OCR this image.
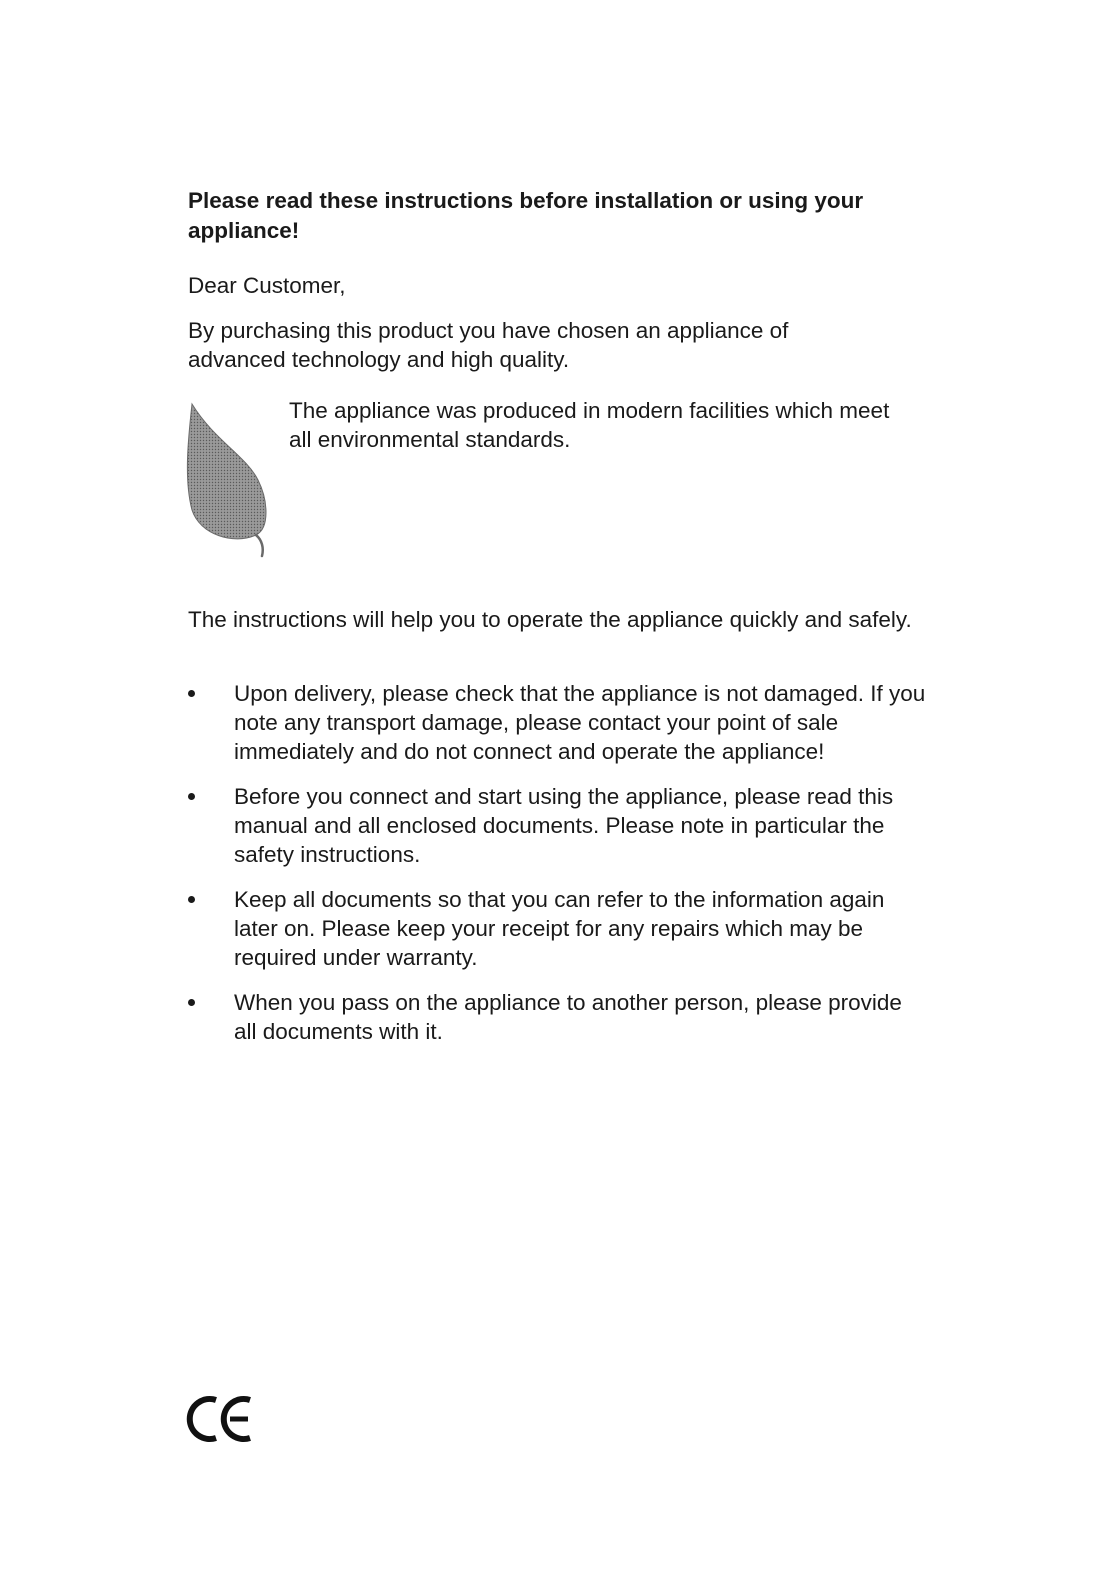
Please read these instructions before installation or using your appliance!

Dear Customer,

By purchasing this product you have chosen an appliance of advanced technology and high quality.

The appliance was produced in modern facilities which meet all environmental standards.

The instructions will help you to operate the appliance quickly and safely.

Upon delivery, please check that the appliance is not damaged. If you note any transport damage, please contact your point of sale immediately and do not connect and operate the appliance!
Before you connect and start using the appliance, please read this manual and all enclosed documents. Please note in particular the safety instructions.
Keep all documents so that you can refer to the information again later on. Please keep your receipt for any repairs which may be required under warranty.
When you pass on the appliance to another person, please provide all documents with it.
